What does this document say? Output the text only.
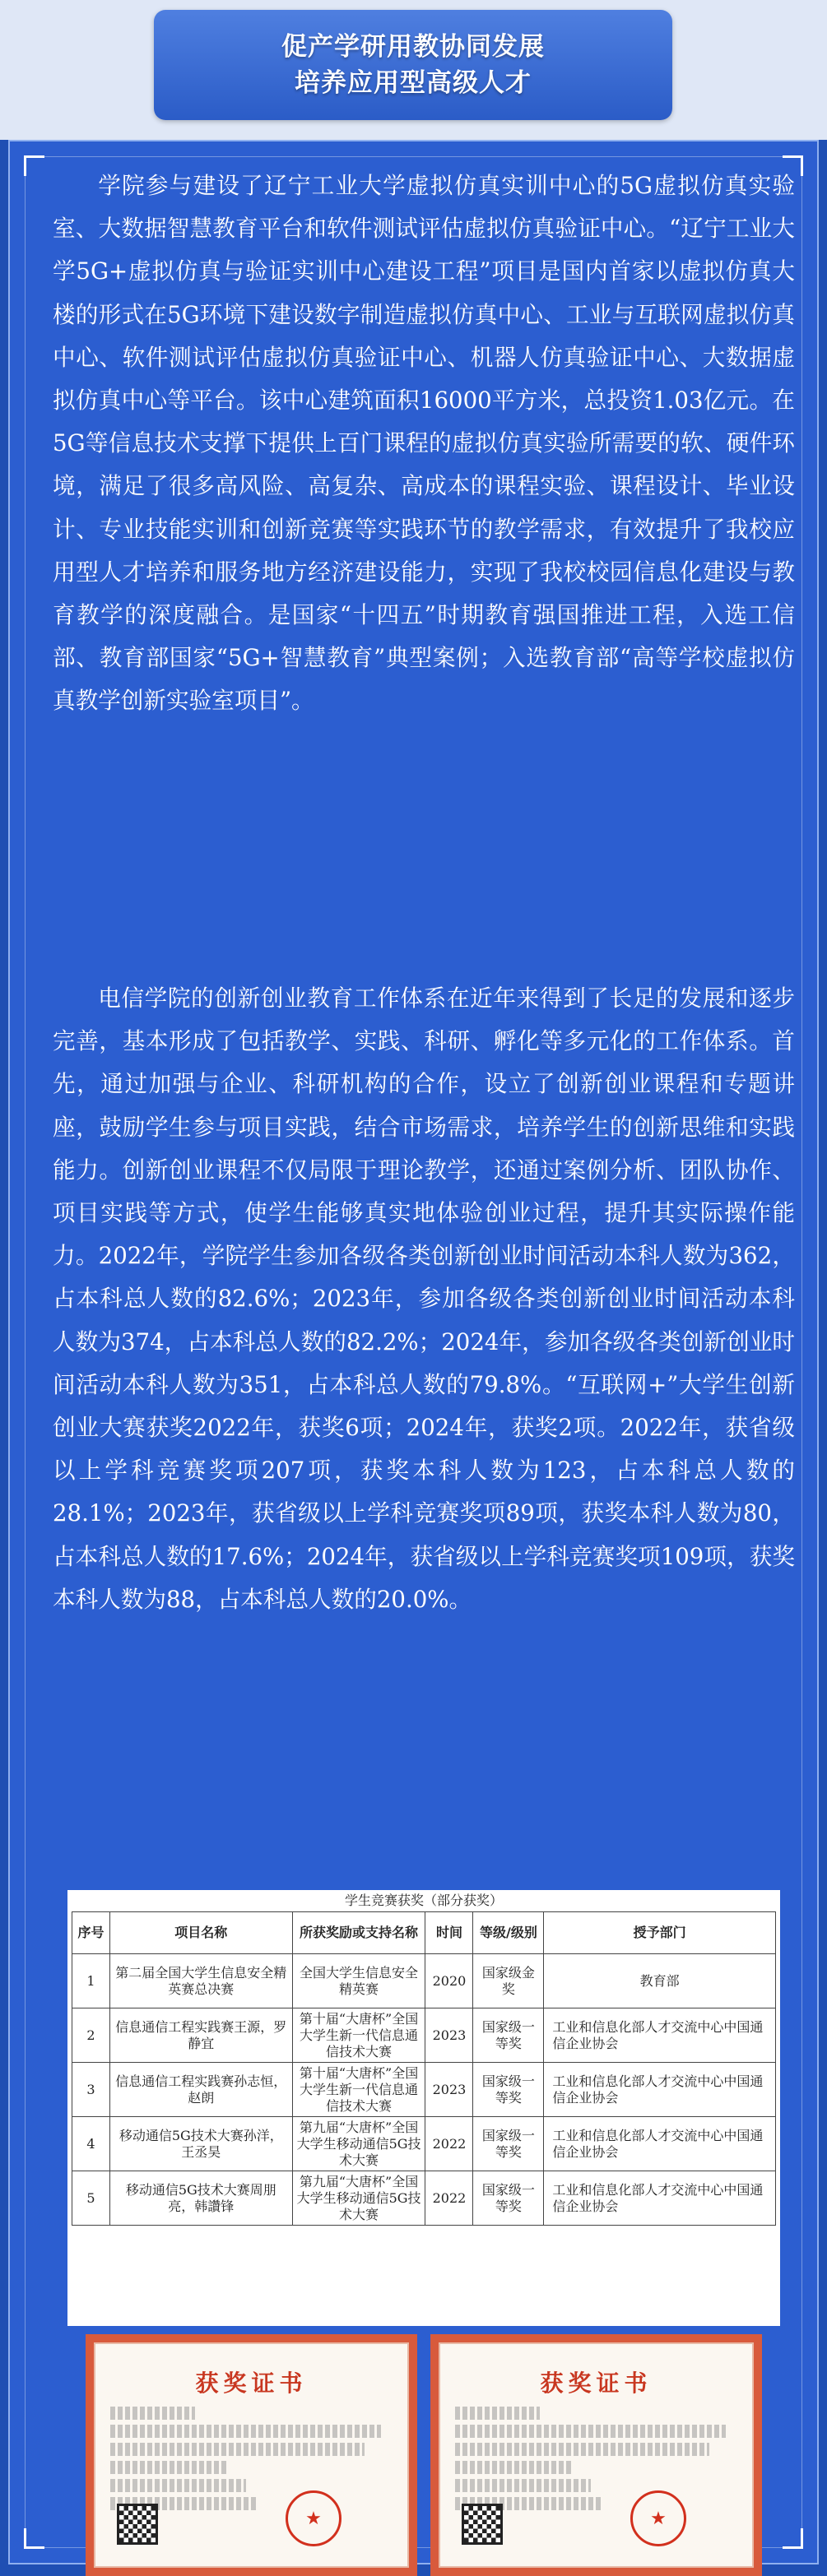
促产学研用教协同发展
培养应用型高级人才

学院参与建设了辽宁工业大学虚拟仿真实训中心的5G虚拟仿真实验室、大数据智慧教育平台和软件测试评估虚拟仿真验证中心。“辽宁工业大学5G+虚拟仿真与验证实训中心建设工程”项目是国内首家以虚拟仿真大楼的形式在5G环境下建设数字制造虚拟仿真中心、工业与互联网虚拟仿真中心、软件测试评估虚拟仿真验证中心、机器人仿真验证中心、大数据虚拟仿真中心等平台。该中心建筑面积16000平方米，总投资1.03亿元。在5G等信息技术支撑下提供上百门课程的虚拟仿真实验所需要的软、硬件环境，满足了很多高风险、高复杂、高成本的课程实验、课程设计、毕业设计、专业技能实训和创新竞赛等实践环节的教学需求，有效提升了我校应用型人才培养和服务地方经济建设能力，实现了我校校园信息化建设与教育教学的深度融合。是国家“十四五”时期教育强国推进工程，入选工信部、教育部国家“5G+智慧教育”典型案例；入选教育部“高等学校虚拟仿真教学创新实验室项目”。

电信学院的创新创业教育工作体系在近年来得到了长足的发展和逐步完善，基本形成了包括教学、实践、科研、孵化等多元化的工作体系。首先，通过加强与企业、科研机构的合作，设立了创新创业课程和专题讲座，鼓励学生参与项目实践，结合市场需求，培养学生的创新思维和实践能力。创新创业课程不仅局限于理论教学，还通过案例分析、团队协作、项目实践等方式，使学生能够真实地体验创业过程，提升其实际操作能力。2022年，学院学生参加各级各类创新创业时间活动本科人数为362，占本科总人数的82.6%；2023年，参加各级各类创新创业时间活动本科人数为374，占本科总人数的82.2%；2024年，参加各级各类创新创业时间活动本科人数为351，占本科总人数的79.8%。“互联网+”大学生创新创业大赛获奖2022年，获奖6项；2024年，获奖2项。2022年，获省级以上学科竞赛奖项207项，获奖本科人数为123，占本科总人数的28.1%；2023年，获省级以上学科竞赛奖项89项，获奖本科人数为80，占本科总人数的17.6%；2024年，获省级以上学科竞赛奖项109项，获奖本科人数为88，占本科总人数的20.0%。

学生竞赛获奖（部分获奖）
序号	项目名称	所获奖励或支持名称	时间	等级/级别	授予部门
1	第二届全国大学生信息安全精英赛总决赛	全国大学生信息安全精英赛	2020	国家级金奖	教育部
2	信息通信工程实践赛王源，罗静宜	第十届“大唐杯”全国大学生新一代信息通信技术大赛	2023	国家级一等奖	工业和信息化部人才交流中心中国通信企业协会
3	信息通信工程实践赛孙志恒，赵朗	第十届“大唐杯”全国大学生新一代信息通信技术大赛	2023	国家级一等奖	工业和信息化部人才交流中心中国通信企业协会
4	移动通信5G技术大赛孙洋，王丞昊	第九届“大唐杯”全国大学生移动通信5G技术大赛	2022	国家级一等奖	工业和信息化部人才交流中心中国通信企业协会
5	移动通信5G技术大赛周朋亮，韩讚锋	第九届“大唐杯”全国大学生移动通信5G技术大赛	2022	国家级一等奖	工业和信息化部人才交流中心中国通信企业协会
获奖证书
★
获奖证书
★
